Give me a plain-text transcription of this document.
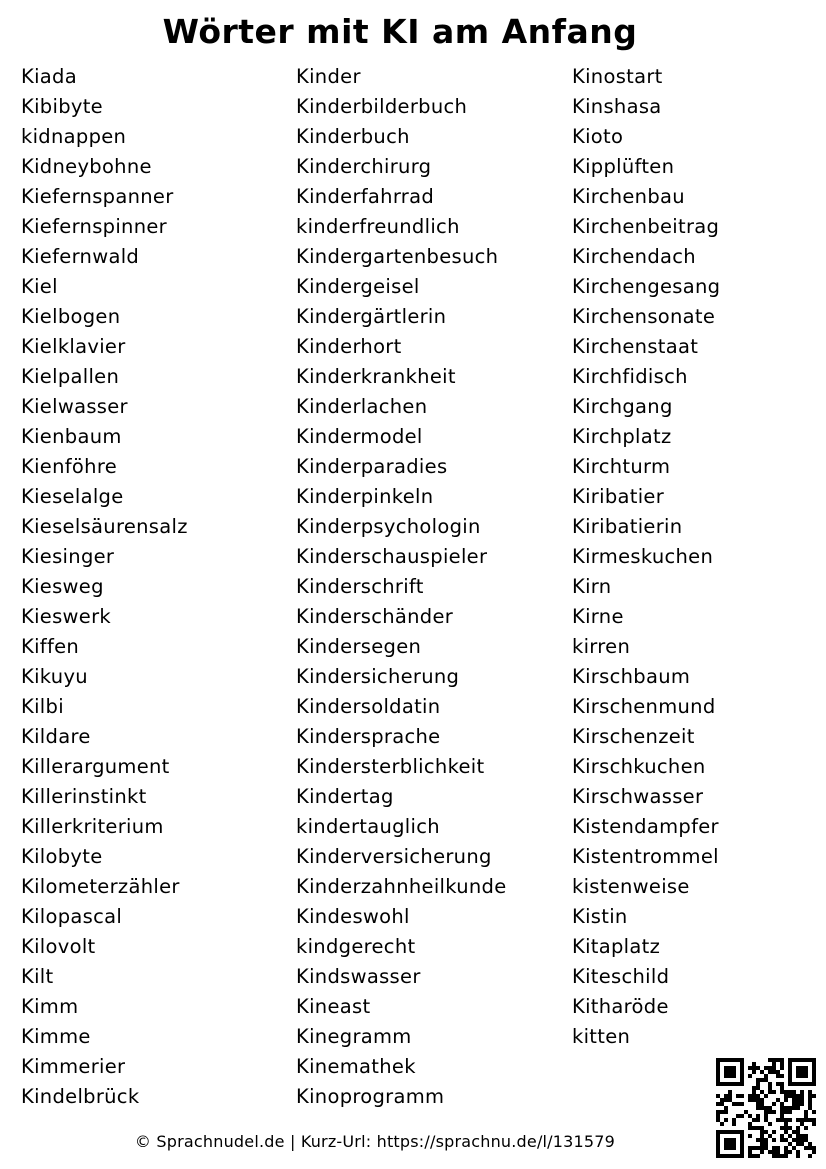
Wörter mit KI am Anfang
Kiada
Kibibyte
kidnappen
Kidneybohne
Kiefernspanner
Kiefernspinner
Kiefernwald
Kiel
Kielbogen
Kielklavier
Kielpallen
Kielwasser
Kienbaum
Kienföhre
Kieselalge
Kieselsäurensalz
Kiesinger
Kiesweg
Kieswerk
Kiffen
Kikuyu
Kilbi
Kildare
Killerargument
Killerinstinkt
Killerkriterium
Kilobyte
Kilometerzähler
Kilopascal
Kilovolt
Kilt
Kimm
Kimme
Kimmerier
Kindelbrück
Kinder
Kinderbilderbuch
Kinderbuch
Kinderchirurg
Kinderfahrrad
kinderfreundlich
Kindergartenbesuch
Kindergeisel
Kindergärtlerin
Kinderhort
Kinderkrankheit
Kinderlachen
Kindermodel
Kinderparadies
Kinderpinkeln
Kinderpsychologin
Kinderschauspieler
Kinderschrift
Kinderschänder
Kindersegen
Kindersicherung
Kindersoldatin
Kindersprache
Kindersterblichkeit
Kindertag
kindertauglich
Kinderversicherung
Kinderzahnheilkunde
Kindeswohl
kindgerecht
Kindswasser
Kineast
Kinegramm
Kinemathek
Kinoprogramm
Kinostart
Kinshasa
Kioto
Kipplüften
Kirchenbau
Kirchenbeitrag
Kirchendach
Kirchengesang
Kirchensonate
Kirchenstaat
Kirchfidisch
Kirchgang
Kirchplatz
Kirchturm
Kiribatier
Kiribatierin
Kirmeskuchen
Kirn
Kirne
kirren
Kirschbaum
Kirschenmund
Kirschenzeit
Kirschkuchen
Kirschwasser
Kistendampfer
Kistentrommel
kistenweise
Kistin
Kitaplatz
Kiteschild
Kitharöde
kitten
© Sprachnudel.de | Kurz-Url: https://sprachnu.de/l/131579
